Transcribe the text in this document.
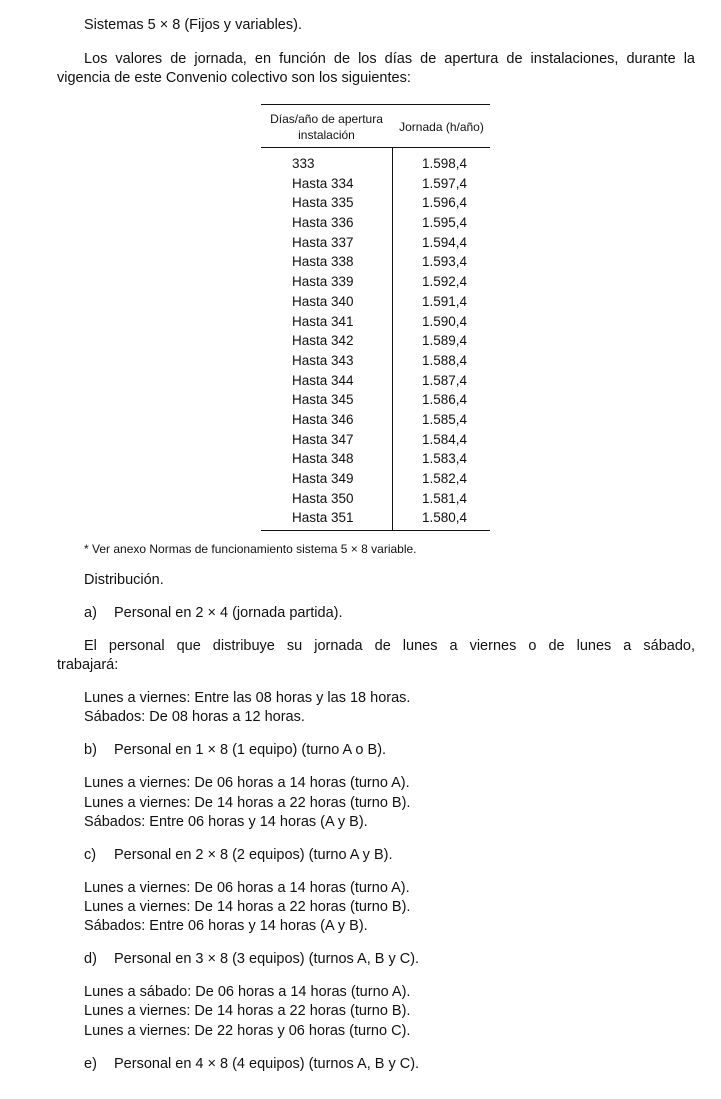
Sistemas 5 × 8 (Fijos y variables).
Los valores de jornada, en función de los días de apertura de instalaciones, durante la
vigencia de este Convenio colectivo son los siguientes:
Días/año de apertura
instalación
Jornada (h/año)
333	1.598,4
Hasta 334	1.597,4
Hasta 335	1.596,4
Hasta 336	1.595,4
Hasta 337	1.594,4
Hasta 338	1.593,4
Hasta 339	1.592,4
Hasta 340	1.591,4
Hasta 341	1.590,4
Hasta 342	1.589,4
Hasta 343	1.588,4
Hasta 344	1.587,4
Hasta 345	1.586,4
Hasta 346	1.585,4
Hasta 347	1.584,4
Hasta 348	1.583,4
Hasta 349	1.582,4
Hasta 350	1.581,4
Hasta 351	1.580,4
* Ver anexo Normas de funcionamiento sistema 5 × 8 variable.
Distribución.
a) Personal en 2 × 4 (jornada partida).
El personal que distribuye su jornada de lunes a viernes o de lunes a sábado,
trabajará:
Lunes a viernes: Entre las 08 horas y las 18 horas.
Sábados: De 08 horas a 12 horas.
b) Personal en 1 × 8 (1 equipo) (turno A o B).
Lunes a viernes: De 06 horas a 14 horas (turno A).
Lunes a viernes: De 14 horas a 22 horas (turno B).
Sábados: Entre 06 horas y 14 horas (A y B).
c) Personal en 2 × 8 (2 equipos) (turno A y B).
Lunes a viernes: De 06 horas a 14 horas (turno A).
Lunes a viernes: De 14 horas a 22 horas (turno B).
Sábados: Entre 06 horas y 14 horas (A y B).
d) Personal en 3 × 8 (3 equipos) (turnos A, B y C).
Lunes a sábado: De 06 horas a 14 horas (turno A).
Lunes a viernes: De 14 horas a 22 horas (turno B).
Lunes a viernes: De 22 horas y 06 horas (turno C).
e) Personal en 4 × 8 (4 equipos) (turnos A, B y C).
